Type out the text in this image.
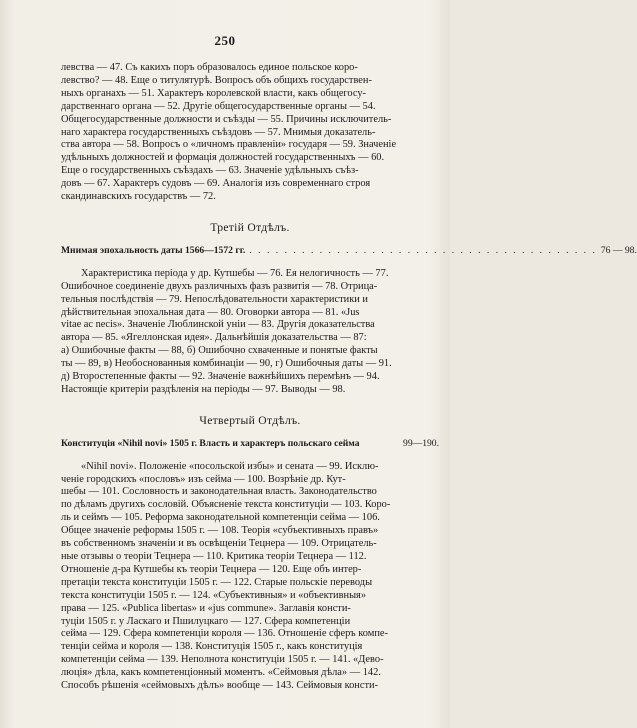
250
левства — 47. Съ какихъ поръ образовалось единое польское коро-
левство? — 48. Еще о титулятурѣ. Вопросъ объ общихъ государствен-
ныхъ органахъ — 51. Характеръ королевской власти, какъ общегосу-
дарственнаго органа — 52. Другіе общегосударственные органы — 54.
Общегосударственные должности и съѣзды — 55. Причины исключитель-
наго характера государственныхъ съѣздовъ — 57. Мнимыя доказатель-
ства автора — 58. Вопросъ о «личномъ правленіи» государя — 59. Значеніе
удѣльныхъ должностей и формація должностей государственныхъ — 60.
Еще о государственныхъ съѣздахъ — 63. Значеніе удѣльныхъ съѣз-
довъ — 67. Характеръ судовъ — 69. Аналогія изъ современнаго строя
скандинавскихъ государствъ — 72.
Третій Отдѣлъ.
Мнимая эпохальность даты 1566—1572 гг. . . . . . . . . . . . . . . . . . . . . . . . . . . . . . . . . . . . . . . . . 76 — 98.
Характеристика періода у др. Кутшебы — 76. Ея нелогичность — 77.
Ошибочное соединеніе двухъ различныхъ фазъ развитія — 78. Отрица-
тельныя послѣдствія — 79. Непослѣдовательности характеристики и
дѣйствительная эпохальная дата — 80. Оговорки автора — 81. «Jus
vitae ac necis». Значеніе Люблинской уніи — 83. Другія доказательства
автора — 85. «Ягеллонская идея». Дальнѣйшія доказательства — 87:
а) Ошибочные факты — 88, б) Ошибочно схваченные и понятые факты
ты — 89, в) Необоснованныя комбинаціи — 90, г) Ошибочныя даты — 91.
д) Второстепенные факты — 92. Значеніе важнѣйшихъ перемѣнъ — 94.
Настоящіе критеріи раздѣленія на періоды — 97. Выводы — 98.
Четвертый Отдѣлъ.
Конституція «Nihil novi» 1505 г. Власть и характеръ польскаго сейма	99—190.
«Nihil novi». Положеніе «посольской избы» и сената — 99. Исклю-
ченіе городскихъ «пословъ» изъ сейма — 100. Возрѣніе др. Кут-
шебы — 101. Сословность и законодательная власть. Законодательство
по дѣламъ другихъ сословій. Объясненіе текста конституціи — 103. Коро-
ль и сеймъ — 105. Реформа законодательной компетенціи сейма — 106.
Общее значеніе реформы 1505 г. — 108. Теорія «субъективныхъ правъ»
въ собственномъ значеніи и въ освѣщеніи Тецнера — 109. Отрицатель-
ные отзывы о теоріи Тецнера — 110. Критика теоріи Тецнера — 112.
Отношеніе д-ра Кутшебы къ теоріи Тецнера — 120. Еще объ интер-
претаціи текста конституціи 1505 г. — 122. Старые польскіе переводы
текста конституціи 1505 г. — 124. «Субъективныя» и «объективныя»
права — 125. «Publica libertas» и «jus commune». Заглавія консти-
туціи 1505 г. у Ласкаго и Пшилуцкаго — 127. Сфера компетенціи
сейма — 129. Сфера компетенціи короля — 136. Отношеніе сферъ компе-
тенціи сейма и короля — 138. Конституція 1505 г., какъ конституція
компетенціи сейма — 139. Неполнота конституціи 1505 г. — 141. «Дево-
люція» дѣла, какъ компетенціонный моментъ. «Сеймовыя дѣла» — 142.
Способъ рѣшенія «сеймовыхъ дѣлъ» вообще — 143. Сеймовыя консти-
